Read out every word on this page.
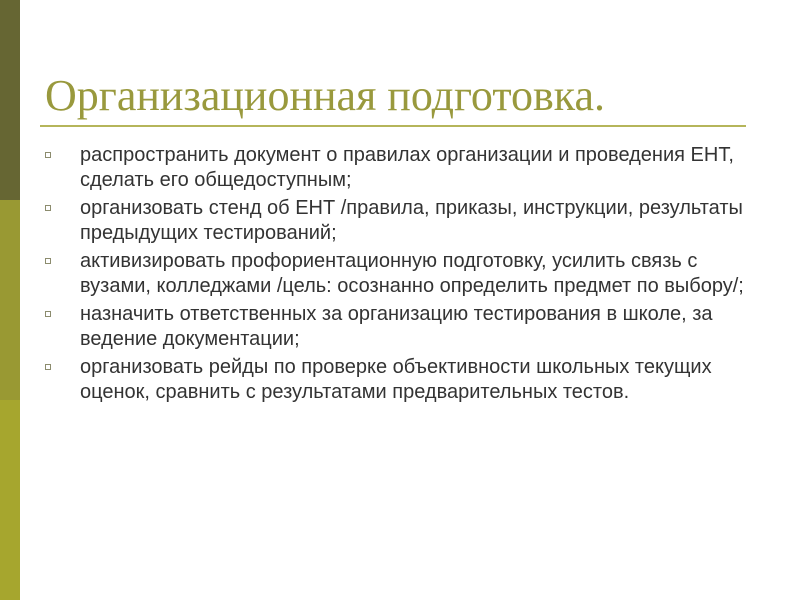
Организационная подготовка.
распространить документ о правилах организации и проведения ЕНТ, сделать его общедоступным;
организовать стенд об ЕНТ /правила, приказы, инструкции, результаты предыдущих тестирований;
активизировать профориентационную подготовку, усилить связь с вузами, колледжами /цель: осознанно определить предмет по выбору/;
назначить ответственных за организацию тестирования в школе, за ведение документации;
организовать рейды по проверке объективности школьных текущих оценок, сравнить с результатами предварительных тестов.
